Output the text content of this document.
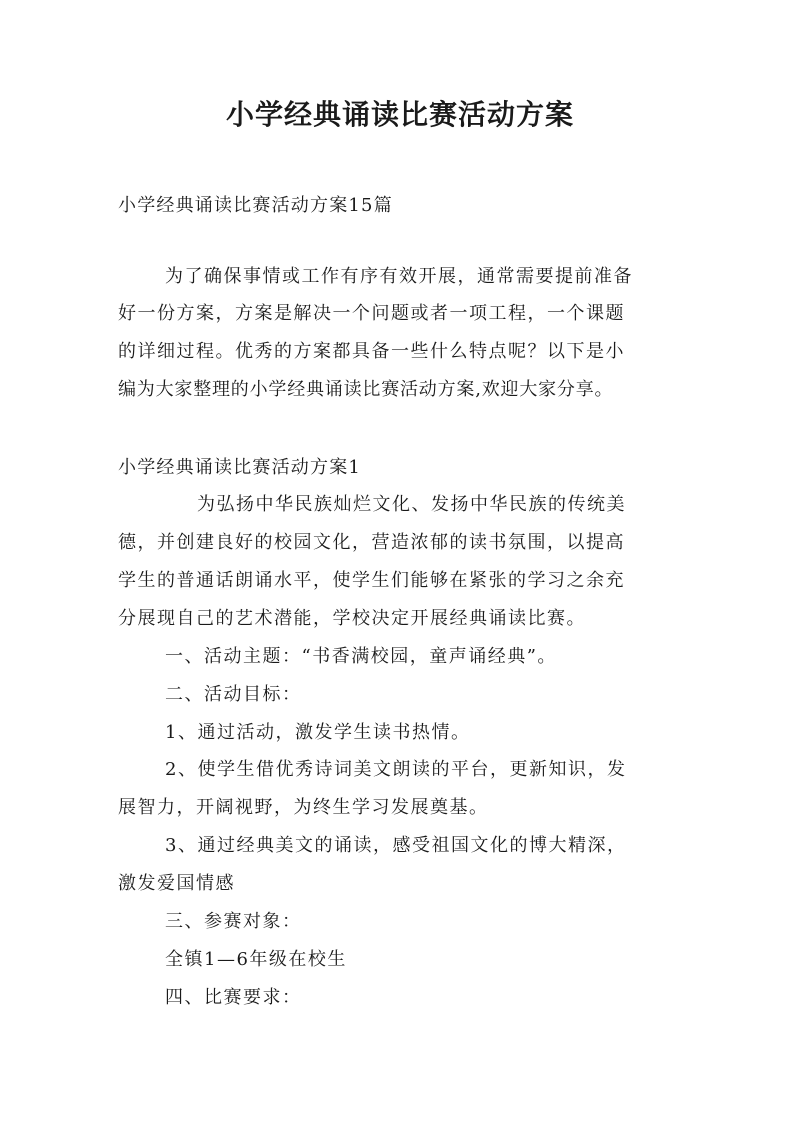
小学经典诵读比赛活动方案
小学经典诵读比赛活动方案15篇
为了确保事情或工作有序有效开展，通常需要提前准备
好一份方案，方案是解决一个问题或者一项工程，一个课题
的详细过程。优秀的方案都具备一些什么特点呢？以下是小
编为大家整理的小学经典诵读比赛活动方案,欢迎大家分享。
小学经典诵读比赛活动方案1
为弘扬中华民族灿烂文化、发扬中华民族的传统美
德，并创建良好的校园文化，营造浓郁的读书氛围，以提高
学生的普通话朗诵水平，使学生们能够在紧张的学习之余充
分展现自己的艺术潜能，学校决定开展经典诵读比赛。
一、活动主题：“书香满校园，童声诵经典”。
二、活动目标：
1、通过活动，激发学生读书热情。
2、使学生借优秀诗词美文朗读的平台，更新知识，发
展智力，开阔视野，为终生学习发展奠基。
3、通过经典美文的诵读，感受祖国文化的博大精深，
激发爱国情感
三、参赛对象：
全镇1—6年级在校生
四、比赛要求：
